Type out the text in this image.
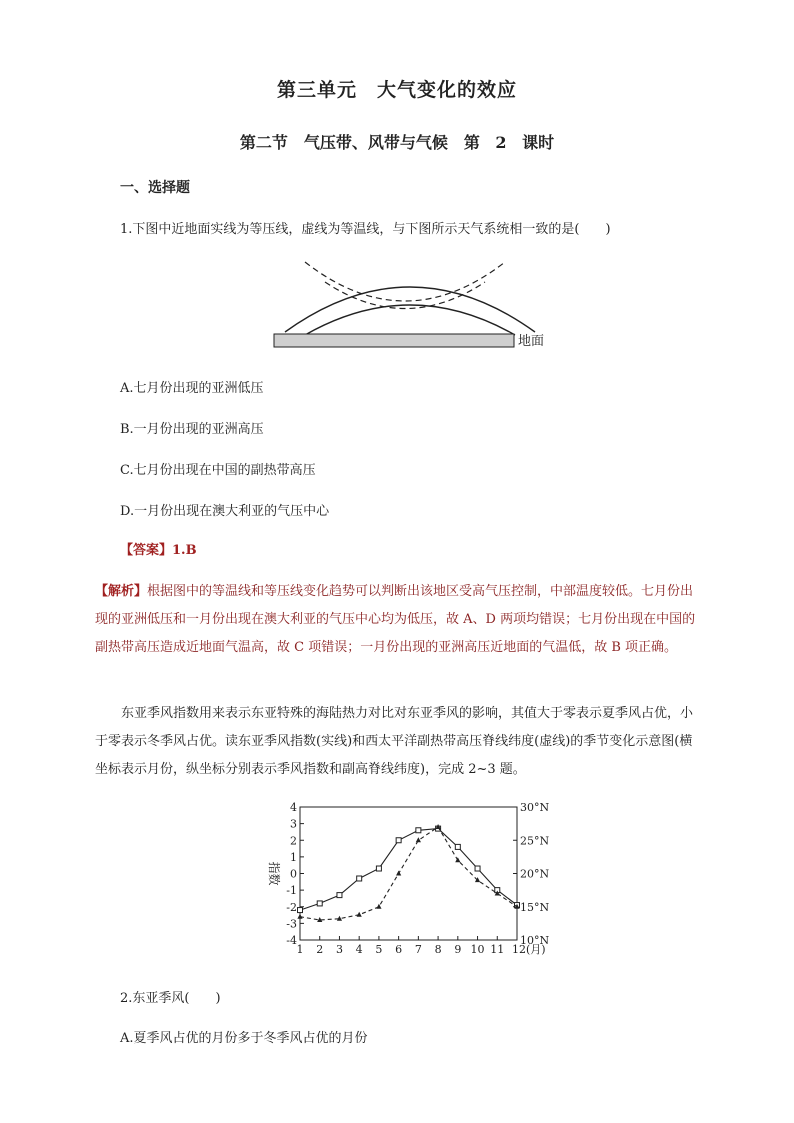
第三单元　大气变化的效应
第二节　气压带、风带与气候　第 2 课时
一、选择题
1.下图中近地面实线为等压线，虚线为等温线，与下图所示天气系统相一致的是(　　)
地面
A.七月份出现的亚洲低压
B.一月份出现的亚洲高压
C.七月份出现在中国的副热带高压
D.一月份出现在澳大利亚的气压中心
【答案】1.B
【解析】根据图中的等温线和等压线变化趋势可以判断出该地区受高气压控制，中部温度较低。七月份出现的亚洲低压和一月份出现在澳大利亚的气压中心均为低压，故 A、D 两项均错误；七月份出现在中国的副热带高压造成近地面气温高，故 C 项错误；一月份出现的亚洲高压近地面的气温低，故 B 项正确。
东亚季风指数用来表示东亚特殊的海陆热力对比对东亚季风的影响，其值大于零表示夏季风占优，小于零表示冬季风占优。读东亚季风指数(实线)和西太平洋副热带高压脊线纬度(虚线)的季节变化示意图(横坐标表示月份，纵坐标分别表示季风指数和副高脊线纬度)，完成 2~3 题。
4
3
2
1
0
-1
-2
-3
-4
30°N
25°N
20°N
15°N
10°N
1 2 3 4 5 6 7 8 9 10 11 12(月)
指数
2.东亚季风(　　)
A.夏季风占优的月份多于冬季风占优的月份
